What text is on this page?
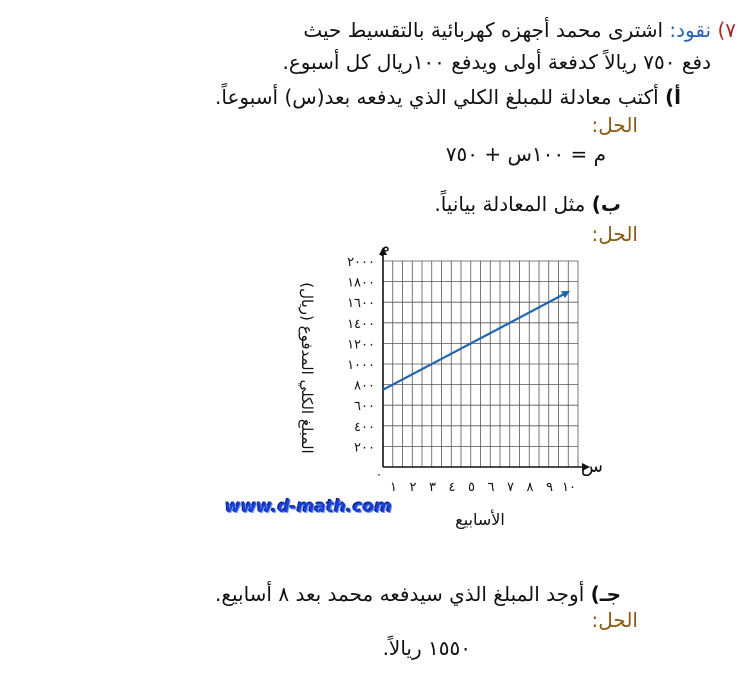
٧) نقود: اشترى محمد أجهزه كهربائية بالتقسيط حيث
دفع ٧٥٠ ريالاً كدفعة أولى ويدفع ١٠٠ريال كل أسبوع.
أ) أكتب معادلة للمبلغ الكلي الذي يدفعه بعد(س) أسبوعاً.
الحل:
م = ١٠٠س + ٧٥٠
ب) مثل المعادلة بيانياً.
الحل:
١ ٢ ٣ ٤ ٥ ٦ ٧ ٨ ٩ ١٠
٢٠٠
٤٠٠
٦٠٠
٨٠٠
١٠٠٠
١٢٠٠
١٤٠٠
١٦٠٠
١٨٠٠
٢٠٠٠
م
س
٠
الأسابيع
المبلغ الكلي المدفوع (ريال)
www.d-math.com
جـ) أوجد المبلغ الذي سيدفعه محمد بعد ٨ أسابيع.
الحل:
١٥٥٠ ريالاً.
